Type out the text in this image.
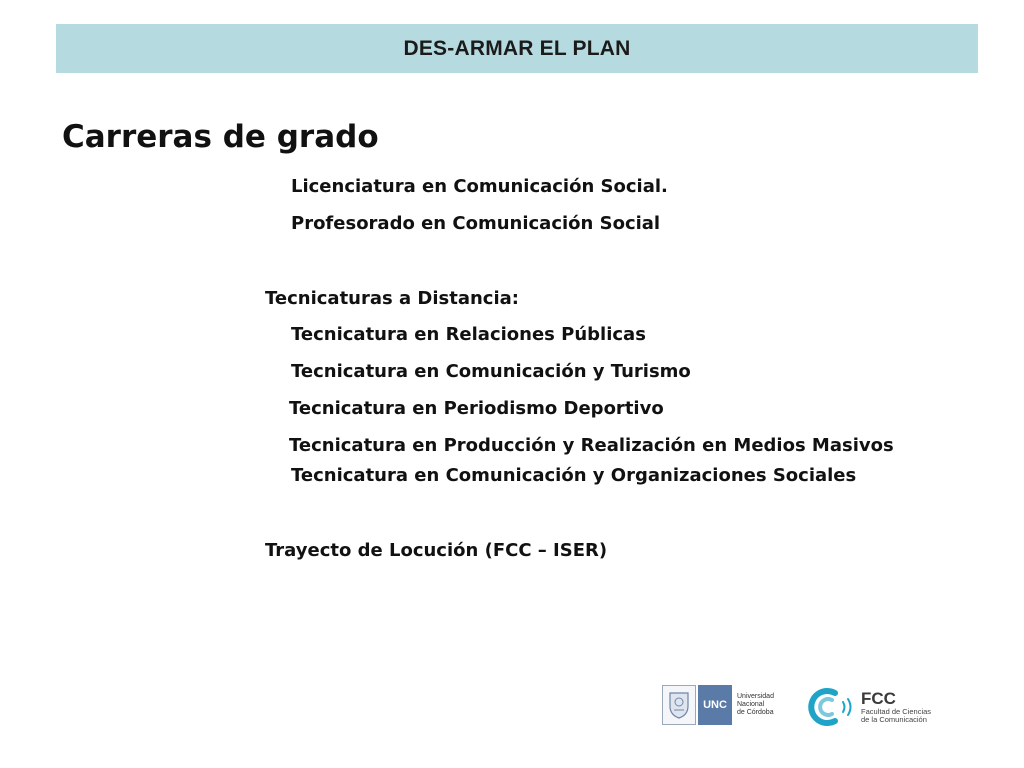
DES-ARMAR EL PLAN
Carreras de grado
Licenciatura en Comunicación Social.
Profesorado en Comunicación Social
Tecnicaturas a Distancia:
Tecnicatura en Relaciones Públicas
Tecnicatura en Comunicación y Turismo
Tecnicatura en Periodismo Deportivo
Tecnicatura en Producción y Realización en Medios Masivos
Tecnicatura en Comunicación y Organizaciones Sociales
Trayecto de Locución (FCC – ISER)
UNC
Universidad
Nacional
de Córdoba
FCC
Facultad de Ciencias
de la Comunicación
